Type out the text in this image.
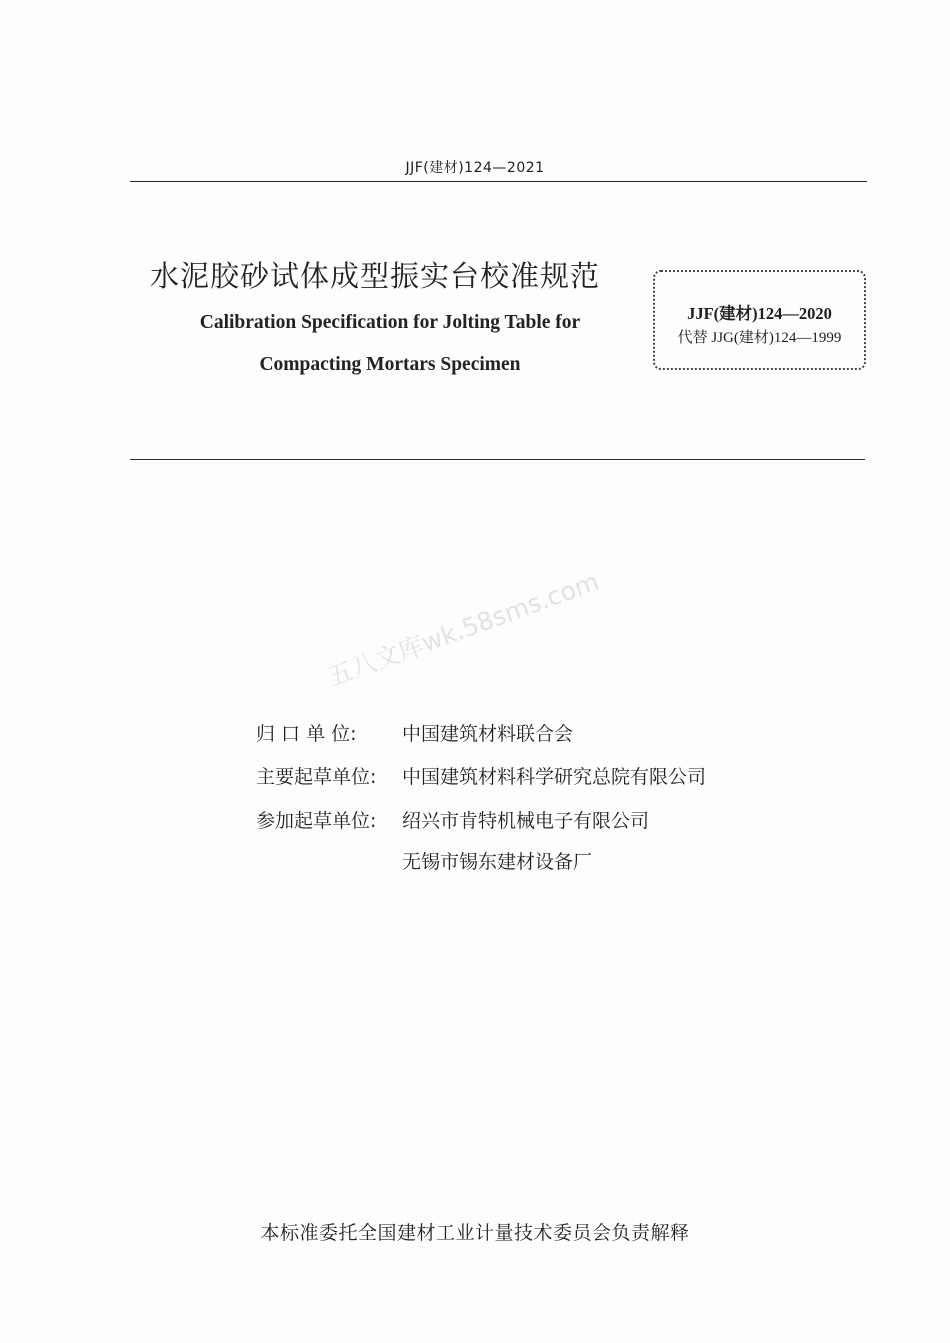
JJF(建材)124—2021
水泥胶砂试体成型振实台校准规范
Calibration Specification for Jolting Table for
Compacting Mortars Specimen
JJF(建材)124—2020
代替 JJG(建材)124—1999
五八文库wk.58sms.com
归 口 单 位: 中国建筑材料联合会
主要起草单位: 中国建筑材料科学研究总院有限公司
参加起草单位: 绍兴市肯特机械电子有限公司
无锡市锡东建材设备厂
本标准委托全国建材工业计量技术委员会负责解释
